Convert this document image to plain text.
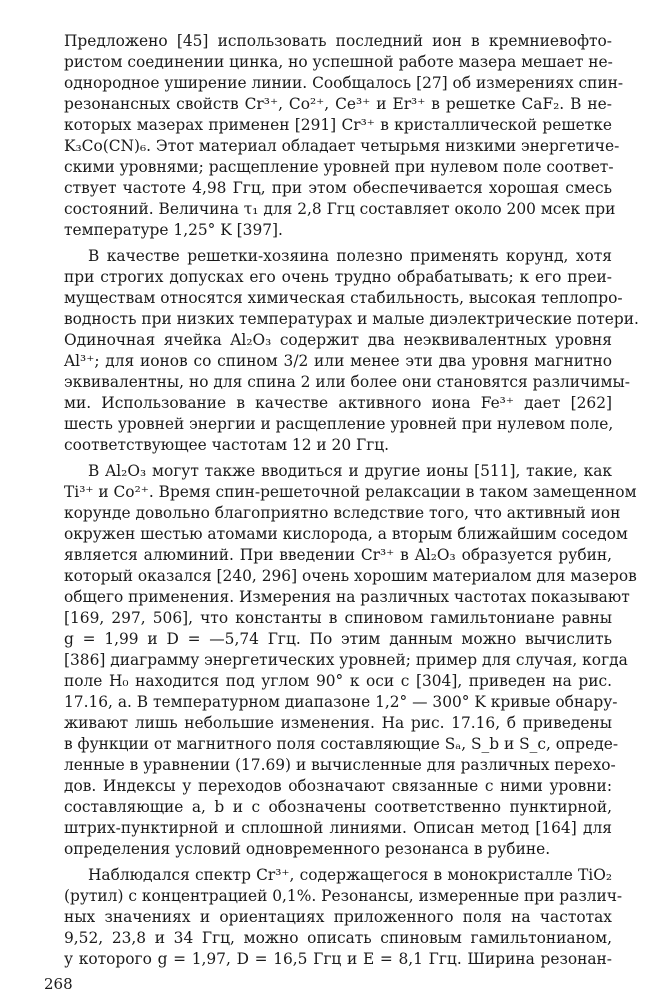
Предложено [45] использовать последний ион в кремниевофто-
ристом соединении цинка, но успешной работе мазера мешает не-
однородное уширение линии. Сообщалось [27] об измерениях спин-
резонансных свойств Cr³⁺, Co²⁺, Ce³⁺ и Er³⁺ в решетке CaF₂. В не-
которых мазерах применен [291] Cr³⁺ в кристаллической решетке
K₃Co(CN)₆. Этот материал обладает четырьмя низкими энергетиче-
скими уровнями; расщепление уровней при нулевом поле соответ-
ствует частоте 4,98 Ггц, при этом обеспечивается хорошая смесь
состояний. Величина τ₁ для 2,8 Ггц составляет около 200 мсек при
температуре 1,25° K [397].
В качестве решетки-хозяина полезно применять корунд, хотя
при строгих допусках его очень трудно обрабатывать; к его преи-
муществам относятся химическая стабильность, высокая теплопро-
водность при низких температурах и малые диэлектрические потери.
Одиночная ячейка Al₂O₃ содержит два неэквивалентных уровня
Al³⁺; для ионов со спином 3/2 или менее эти два уровня магнитно
эквивалентны, но для спина 2 или более они становятся различимы-
ми. Использование в качестве активного иона Fe³⁺ дает [262]
шесть уровней энергии и расщепление уровней при нулевом поле,
соответствующее частотам 12 и 20 Ггц.
В Al₂O₃ могут также вводиться и другие ионы [511], такие, как
Ti³⁺ и Co²⁺. Время спин-решеточной релаксации в таком замещенном
корунде довольно благоприятно вследствие того, что активный ион
окружен шестью атомами кислорода, а вторым ближайшим соседом
является алюминий. При введении Cr³⁺ в Al₂O₃ образуется рубин,
который оказался [240, 296] очень хорошим материалом для мазеров
общего применения. Измерения на различных частотах показывают
[169, 297, 506], что константы в спиновом гамильтониане равны
g = 1,99 и D = —5,74 Ггц. По этим данным можно вычислить
[386] диаграмму энергетических уровней; пример для случая, когда
поле H₀ находится под углом 90° к оси c [304], приведен на рис.
17.16, а. В температурном диапазоне 1,2° — 300° K кривые обнару-
живают лишь небольшие изменения. На рис. 17.16, б приведены
в функции от магнитного поля составляющие Sₐ, S_b и S_c, опреде-
ленные в уравнении (17.69) и вычисленные для различных перехо-
дов. Индексы у переходов обозначают связанные с ними уровни:
составляющие a, b и c обозначены соответственно пунктирной,
штрих-пунктирной и сплошной линиями. Описан метод [164] для
определения условий одновременного резонанса в рубине.
Наблюдался спектр Cr³⁺, содержащегося в монокристалле TiO₂
(рутил) с концентрацией 0,1%. Резонансы, измеренные при различ-
ных значениях и ориентациях приложенного поля на частотах
9,52, 23,8 и 34 Ггц, можно описать спиновым гамильтонианом,
у которого g = 1,97, D = 16,5 Ггц и E = 8,1 Ггц. Ширина резонан-
268
